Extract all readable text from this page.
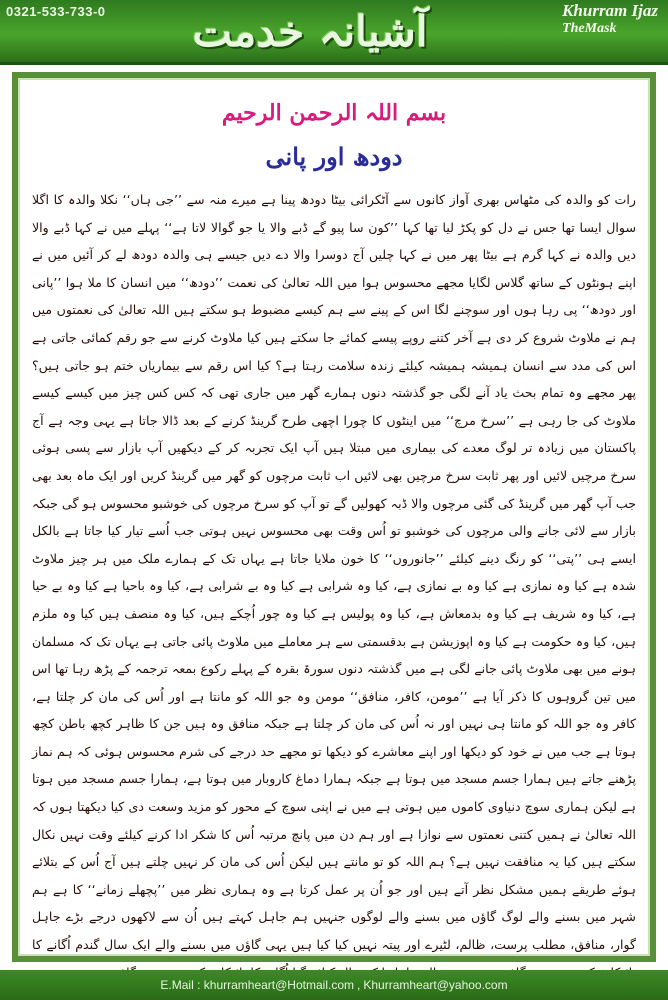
0321-533-733-0 آشیانہ خدمت	Khurram Ijaz
TheMask
بسم اللہ الرحمن الرحیم
دودھ اور پانی
رات کو والدہ کی مٹھاس بھری آواز کانوں سے آٹکرائی بیٹا دودھ پینا ہے میرے منہ سے ’’جی ہاں‘‘ نکلا والدہ کا اگلا سوال ایسا تھا جس نے دل کو پکڑ لیا تھا کہا ’’کون سا پیو گے ڈبے والا یا جو گوالا لاتا ہے‘‘ پہلے میں نے کہا ڈبے والا دیں والدہ نے کہا گرم ہے بیٹا پھر میں نے کہا چلیں آج دوسرا والا دے دیں جیسے ہی والدہ دودھ لے کر آئیں میں نے اپنے ہونٹوں کے ساتھ گلاس لگایا مجھے محسوس ہوا میں اللہ تعالیٰ کی نعمت ’’دودھ‘‘ میں انسان کا ملا ہوا ’’پانی اور دودھ‘‘ پی رہا ہوں اور سوچنے لگا اس کے پینے سے ہم کیسے مضبوط ہو سکتے ہیں اللہ تعالیٰ کی نعمتوں میں ہم نے ملاوٹ شروع کر دی ہے آخر کتنے روپے پیسے کمائے جا سکتے ہیں کیا ملاوٹ کرنے سے جو رقم کمائی جاتی ہے اس کی مدد سے انسان ہمیشہ ہمیشہ کیلئے زندہ سلامت رہتا ہے؟ کیا اس رقم سے بیماریاں ختم ہو جاتی ہیں؟ پھر مجھے وہ تمام بحث یاد آنے لگی جو گذشتہ دنوں ہمارے گھر میں جاری تھی کہ کس کس چیز میں کیسے کیسے ملاوٹ کی جا رہی ہے ’’سرخ مرچ‘‘ میں اینٹوں کا چورا اچھی طرح گرینڈ کرنے کے بعد ڈالا جاتا ہے یہی وجہ ہے آج پاکستان میں زیادہ تر لوگ معدے کی بیماری میں مبتلا ہیں آپ ایک تجربہ کر کے دیکھیں آپ بازار سے پسی ہوئی سرخ مرچیں لائیں اور پھر ثابت سرخ مرچیں بھی لائیں اب ثابت مرچوں کو گھر میں گرینڈ کریں اور ایک ماہ بعد بھی جب آپ گھر میں گرینڈ کی گئی مرچوں والا ڈبہ کھولیں گے تو آپ کو سرخ مرچوں کی خوشبو محسوس ہو گی جبکہ بازار سے لائی جانے والی مرچوں کی خوشبو تو اُس وقت بھی محسوس نہیں ہوتی جب اُسے تیار کیا جاتا ہے بالکل ایسے ہی ’’پتی‘‘ کو رنگ دینے کیلئے ’’جانوروں‘‘ کا خون ملایا جاتا ہے یہاں تک کے ہمارے ملک میں ہر چیز ملاوٹ شدہ ہے کیا وہ نمازی ہے کیا وہ بے نمازی ہے، کیا وہ شرابی ہے کیا وہ بے شرابی ہے، کیا وہ باحیا ہے کیا وہ بے حیا ہے، کیا وہ شریف ہے کیا وہ بدمعاش ہے، کیا وہ پولیس ہے کیا وہ چور اُچکے ہیں، کیا وہ منصف ہیں کیا وہ ملزم ہیں، کیا وہ حکومت ہے کیا وہ اپوزیشن ہے بدقسمتی سے ہر معاملے میں ملاوٹ پائی جاتی ہے یہاں تک کہ مسلمان ہونے میں بھی ملاوٹ پائی جانے لگی ہے میں گذشتہ دنوں سورۃ بقرہ کے پہلے رکوع بمعہ ترجمہ کے پڑھ رہا تھا اس میں تین گروہوں کا ذکر آیا ہے ’’مومن، کافر، منافق‘‘ مومن وہ جو اللہ کو مانتا ہے اور اُس کی مان کر چلتا ہے، کافر وہ جو اللہ کو مانتا ہی نہیں اور نہ اُس کی مان کر چلتا ہے جبکہ منافق وہ ہیں جن کا ظاہر کچھ باطن کچھ ہوتا ہے جب میں نے خود کو دیکھا اور اپنے معاشرے کو دیکھا تو مجھے حد درجے کی شرم محسوس ہوئی کہ ہم نماز پڑھنے جاتے ہیں ہمارا جسم مسجد میں ہوتا ہے جبکہ ہمارا دماغ کاروبار میں ہوتا ہے، ہمارا جسم مسجد میں ہوتا ہے لیکن ہماری سوچ دنیاوی کاموں میں ہوتی ہے میں نے اپنی سوچ کے محور کو مزید وسعت دی کیا دیکھتا ہوں کہ اللہ تعالیٰ نے ہمیں کتنی نعمتوں سے نوازا ہے اور ہم دن میں پانچ مرتبہ اُس کا شکر ادا کرنے کیلئے وقت نہیں نکال سکتے ہیں کیا یہ منافقت نہیں ہے؟ ہم اللہ کو تو مانتے ہیں لیکن اُس کی مان کر نہیں چلتے ہیں آج اُس کے بتلائے ہوئے طریقے ہمیں مشکل نظر آتے ہیں اور جو اُن پر عمل کرتا ہے وہ ہماری نظر میں ’’پچھلے زمانے‘‘ کا ہے ہم شہر میں بسنے والے لوگ گاؤں میں بسنے والے لوگوں جنہیں ہم جاہل کہتے ہیں اُن سے لاکھوں درجے بڑے جاہل گوار، منافق، مطلب پرست، ظالم، لٹیرے اور پیتہ نہیں کیا کیا ہیں یہی گاؤں میں بسنے والے ایک سال گندم اُگانے کا
E.Mail :
khurramheart@Hotmail.com , Khurramheart@yahoo.com
